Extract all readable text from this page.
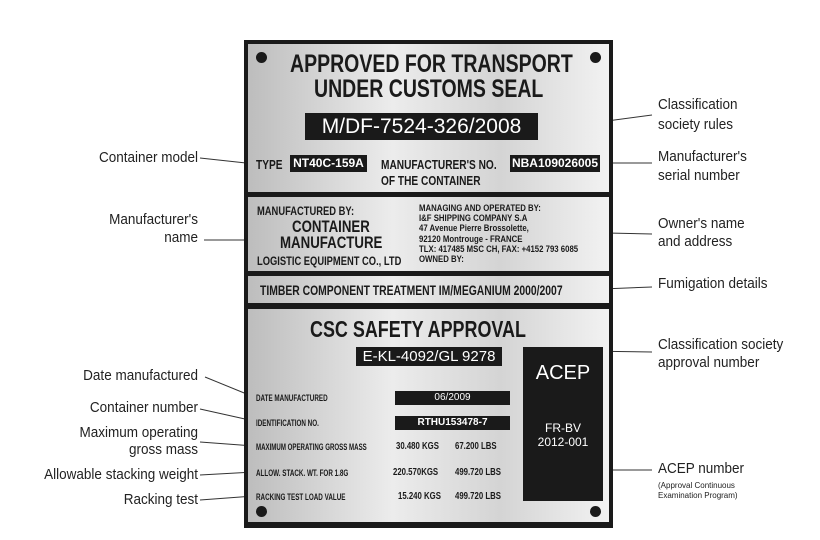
Container model
Manufacturer's
name
Date manufactured
Container number
Maximum operating
gross mass
Allowable stacking weight
Racking test
Classification
society rules
Manufacturer's
serial number
Owner's name
and address
Fumigation details
Classification society
approval number
ACEP number
(Approval Continuous
Examination Program)
APPROVED FOR TRANSPORT
UNDER CUSTOMS SEAL
M/DF-7524-326/2008
TYPE NT40C-159A MANUFACTURER'S NO.
OF THE CONTAINER
NBA109026005
MANUFACTURED BY:
CONTAINER
MANUFACTURE
LOGISTIC EQUIPMENT CO., LTD
MANAGING AND OPERATED BY:
I&F SHIPPING COMPANY S.A
47 Avenue Pierre Brossolette,
92120 Montrouge - FRANCE
TLX: 417485 MSC CH, FAX: +4152 793 6085
OWNED BY:
TIMBER COMPONENT TREATMENT IM/MEGANIUM 2000/2007
CSC SAFETY APPROVAL
E-KL-4092/GL 9278
ACEP
FR-BV
2012-001
DATE MANUFACTURED	06/2009
IDENTIFICATION NO.	RTHU153478-7
MAXIMUM OPERATING GROSS MASS	30.480 KGS 67.200 LBS
ALLOW. STACK. WT. FOR 1.8G	220.570KGS 499.720 LBS
RACKING TEST LOAD VALUE	15.240 KGS 499.720 LBS
